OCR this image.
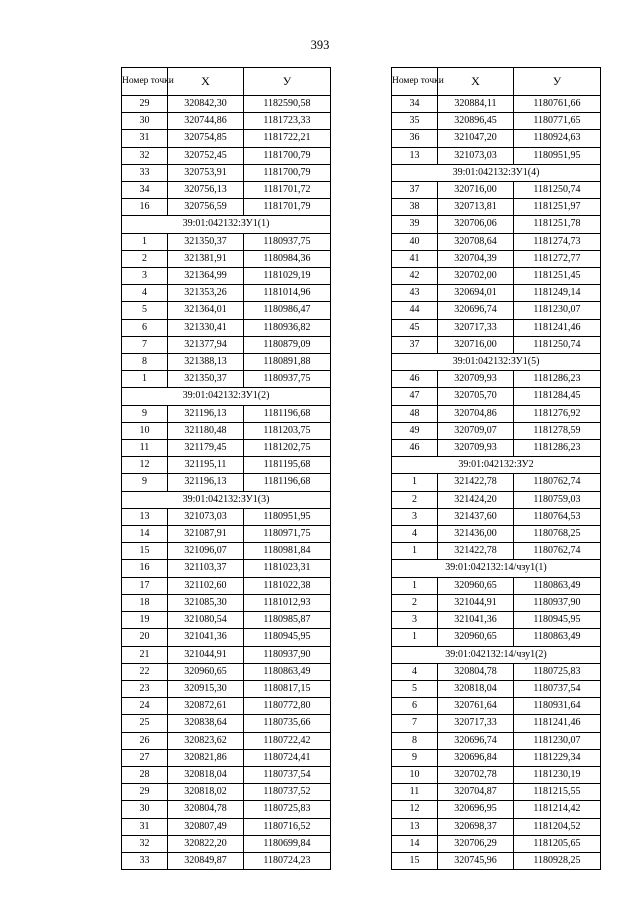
393
Номер точки	Х	У
29	320842,30	1182590,58
30	320744,86	1181723,33
31	320754,85	1181722,21
32	320752,45	1181700,79
33	320753,91	1181700,79
34	320756,13	1181701,72
16	320756,59	1181701,79
39:01:042132:ЗУ1(1)		
1	321350,37	1180937,75
2	321381,91	1180984,36
3	321364,99	1181029,19
4	321353,26	1181014,96
5	321364,01	1180986,47
6	321330,41	1180936,82
7	321377,94	1180879,09
8	321388,13	1180891,88
1	321350,37	1180937,75
39:01:042132:ЗУ1(2)		
9	321196,13	1181196,68
10	321180,48	1181203,75
11	321179,45	1181202,75
12	321195,11	1181195,68
9	321196,13	1181196,68
39:01:042132:ЗУ1(3)		
13	321073,03	1180951,95
14	321087,91	1180971,75
15	321096,07	1180981,84
16	321103,37	1181023,31
17	321102,60	1181022,38
18	321085,30	1181012,93
19	321080,54	1180985,87
20	321041,36	1180945,95
21	321044,91	1180937,90
22	320960,65	1180863,49
23	320915,30	1180817,15
24	320872,61	1180772,80
25	320838,64	1180735,66
26	320823,62	1180722,42
27	320821,86	1180724,41
28	320818,04	1180737,54
29	320818,02	1180737,52
30	320804,78	1180725,83
31	320807,49	1180716,52
32	320822,20	1180699,84
33	320849,87	1180724,23
Номер точки	Х	У
34	320884,11	1180761,66
35	320896,45	1180771,65
36	321047,20	1180924,63
13	321073,03	1180951,95
39:01:042132:ЗУ1(4)		
37	320716,00	1181250,74
38	320713,81	1181251,97
39	320706,06	1181251,78
40	320708,64	1181274,73
41	320704,39	1181272,77
42	320702,00	1181251,45
43	320694,01	1181249,14
44	320696,74	1181230,07
45	320717,33	1181241,46
37	320716,00	1181250,74
39:01:042132:ЗУ1(5)		
46	320709,93	1181286,23
47	320705,70	1181284,45
48	320704,86	1181276,92
49	320709,07	1181278,59
46	320709,93	1181286,23
39:01:042132:ЗУ2		
1	321422,78	1180762,74
2	321424,20	1180759,03
3	321437,60	1180764,53
4	321436,00	1180768,25
1	321422,78	1180762,74
39:01:042132:14/чзу1(1)		
1	320960,65	1180863,49
2	321044,91	1180937,90
3	321041,36	1180945,95
1	320960,65	1180863,49
39:01:042132:14/чзу1(2)		
4	320804,78	1180725,83
5	320818,04	1180737,54
6	320761,64	1180931,64
7	320717,33	1181241,46
8	320696,74	1181230,07
9	320696,84	1181229,34
10	320702,78	1181230,19
11	320704,87	1181215,55
12	320696,95	1181214,42
13	320698,37	1181204,52
14	320706,29	1181205,65
15	320745,96	1180928,25
